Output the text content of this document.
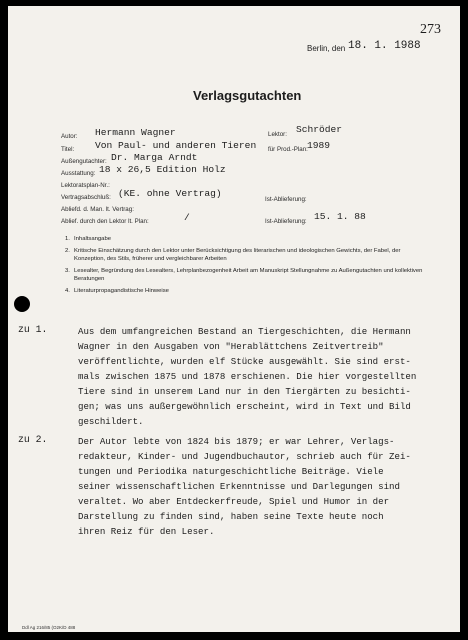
273
Berlin, den 18. 1. 1988
Verlagsgutachten
Autor: Hermann Wagner	Lektor: Schröder
Titel: Von Paul- und anderen Tieren für Prod.-Plan: 1989
Außengutachter: Dr. Marga Arndt
Ausstattung: 18 x 26,5 Edition Holz
Lektoratsplan-Nr.:
Vertragsabschluß: (KE. ohne Vertrag)
Ist-Ablieferung:
Abliefd. d. Man. lt. Vertrag:
Ablief. durch den Lektor lt. Plan:	/	Ist-Ablieferung: 15. 1. 88
1. Inhaltsangabe
2. Kritische Einschätzung durch den Lektor unter Berücksichtigung des literarischen und ideologischen Gewichts, der Fabel, der Konzeption, des Stils, früherer und vergleichbarer Arbeiten
3. Lesealter, Begründung des Lesealters, Lehrplanbezogenheit Arbeit am Manuskript Stellungnahme zu Außengutachten und kollektiven Beratungen
4. Literaturpropagandistische Hinweise
zu 1.	Aus dem umfangreichen Bestand an Tiergeschichten, die Hermann
Wagner in den Ausgaben von "Herablättchens Zeitvertreib"
veröffentlichte, wurden elf Stücke ausgewählt. Sie sind erst-
mals zwischen 1875 und 1878 erschienen. Die hier vorgestellten
Tiere sind in unserem Land nur in den Tiergärten zu besichti-
gen; was uns außergewöhnlich erscheint, wird in Text und Bild
geschildert.
zu 2.	Der Autor lebte von 1824 bis 1879; er war Lehrer, Verlags-
redakteur, Kinder- und Jugendbuchautor, schrieb auch für Zei-
tungen und Periodika naturgeschichtliche Beiträge. Viele
seiner wissenschaftlichen Erkenntnisse und Darlegungen sind
veraltet. Wo aber Entdeckerfreude, Spiel und Humor in der
Darstellung zu finden sind, haben seine Texte heute noch
ihren Reiz für den Leser.
Ddl Ag 216/85 (O2K/D 488
